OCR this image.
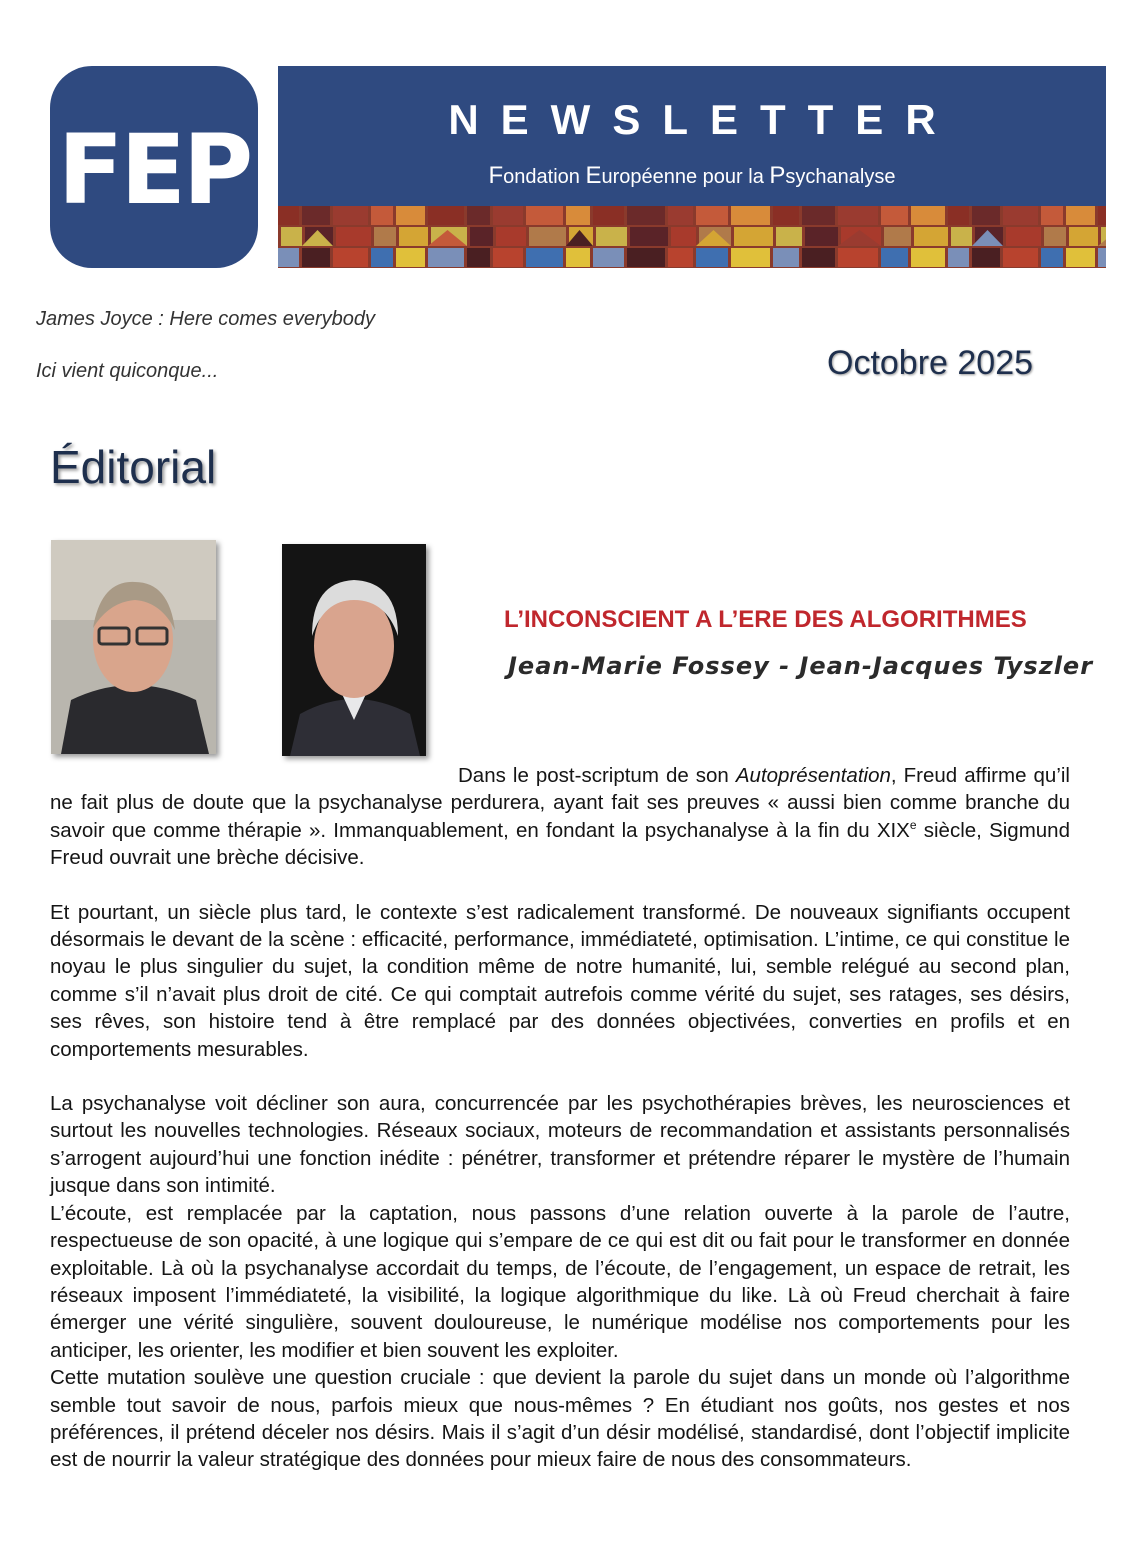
FEP	NEWSLETTER
Fondation Européenne pour la Psychanalyse
James Joyce : Here comes everybody
Ici vient quiconque...	Octobre 2025
Éditorial
L’INCONSCIENT A L’ERE DES ALGORITHMES
Jean-Marie Fossey - Jean-Jacques Tyszler

Dans le post-scriptum de son Autoprésentation, Freud affirme qu’il ne fait plus de doute que la psychanalyse perdurera, ayant fait ses preuves « aussi bien comme branche du savoir que comme thérapie ». Immanquablement, en fondant la psychanalyse à la fin du XIXe siècle, Sigmund Freud ouvrait une brèche décisive.

Et pourtant, un siècle plus tard, le contexte s’est radicalement transformé. De nouveaux signifiants occupent désormais le devant de la scène : efficacité, performance, immédiateté, optimisation. L’intime, ce qui constitue le noyau le plus singulier du sujet, la condition même de notre humanité, lui, semble relégué au second plan, comme s’il n’avait plus droit de cité. Ce qui comptait autrefois comme vérité du sujet, ses ratages, ses désirs, ses rêves, son histoire tend à être remplacé par des données objectivées, converties en profils et en comportements mesurables.

La psychanalyse voit décliner son aura, concurrencée par les psychothérapies brèves, les neurosciences et surtout les nouvelles technologies. Réseaux sociaux, moteurs de recommandation et assistants personnalisés s’arrogent aujourd’hui une fonction inédite : pénétrer, transformer et prétendre réparer le mystère de l’humain jusque dans son intimité.

L’écoute, est remplacée par la captation, nous passons d’une relation ouverte à la parole de l’autre, respectueuse de son opacité, à une logique qui s’empare de ce qui est dit ou fait pour le transformer en donnée exploitable. Là où la psychanalyse accordait du temps, de l’écoute, de l’engagement, un espace de retrait, les réseaux imposent l’immédiateté, la visibilité, la logique algorithmique du like. Là où Freud cherchait à faire émerger une vérité singulière, souvent douloureuse, le numérique modélise nos comportements pour les anticiper, les orienter, les modifier et bien souvent les exploiter.

Cette mutation soulève une question cruciale : que devient la parole du sujet dans un monde où l’algorithme semble tout savoir de nous, parfois mieux que nous-mêmes ? En étudiant nos goûts, nos gestes et nos préférences, il prétend déceler nos désirs. Mais il s’agit d’un désir modélisé, standardisé, dont l’objectif implicite est de nourrir la valeur stratégique des données pour mieux faire de nous des consommateurs.
